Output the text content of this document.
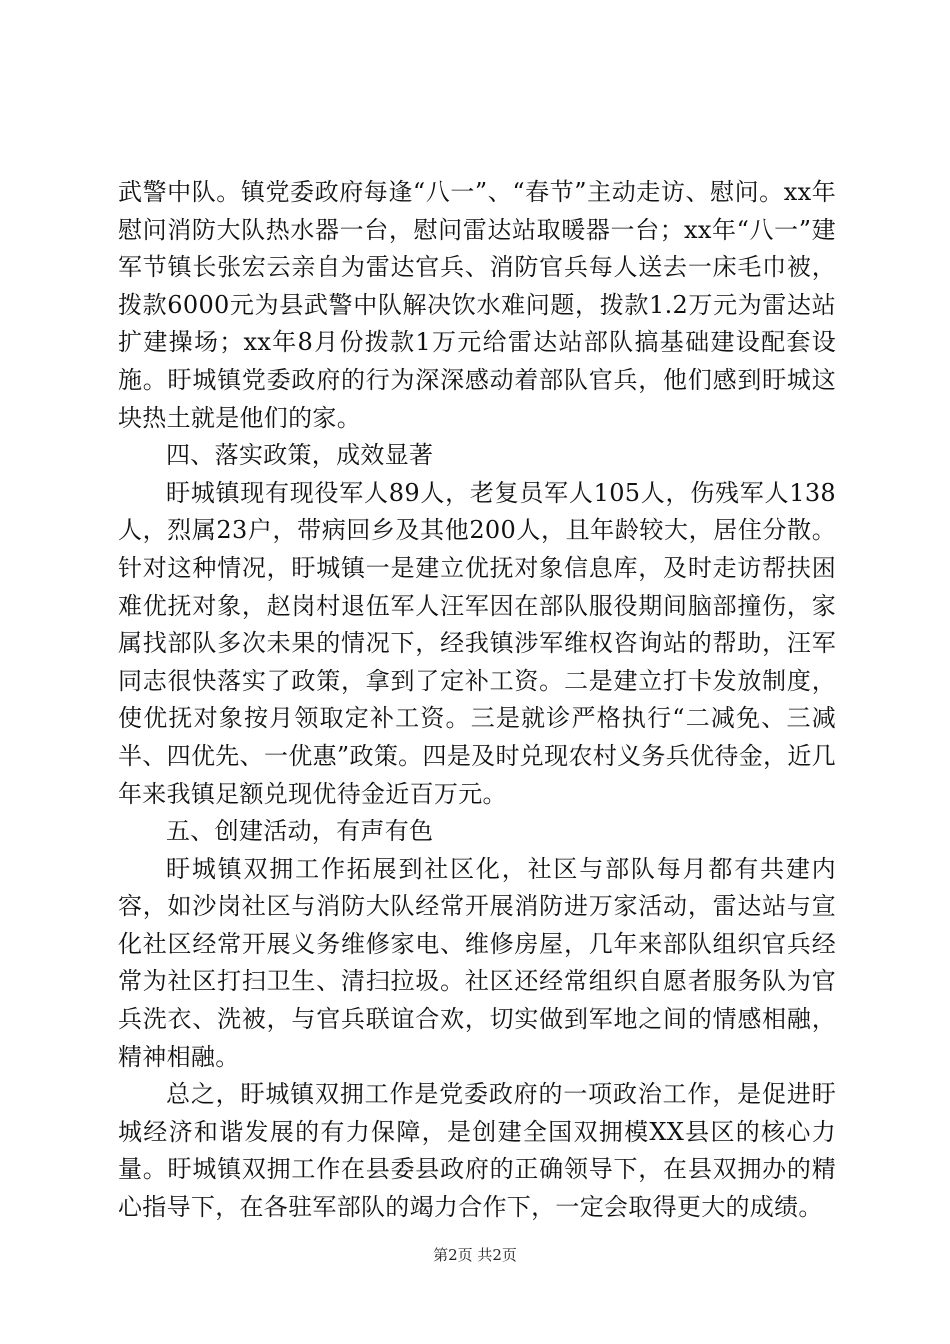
武警中队。镇党委政府每逢“八一”、“春节”主动走访、慰问。xx年慰问消防大队热水器一台，慰问雷达站取暖器一台；xx年“八一”建军节镇长张宏云亲自为雷达官兵、消防官兵每人送去一床毛巾被，拨款6000元为县武警中队解决饮水难问题，拨款1.2万元为雷达站扩建操场；xx年8月份拨款1万元给雷达站部队搞基础建设配套设施。盱城镇党委政府的行为深深感动着部队官兵，他们感到盱城这块热土就是他们的家。

四、落实政策，成效显著

盱城镇现有现役军人89人，老复员军人105人，伤残军人138人，烈属23户，带病回乡及其他200人，且年龄较大，居住分散。针对这种情况，盱城镇一是建立优抚对象信息库，及时走访帮扶困难优抚对象，赵岗村退伍军人汪军因在部队服役期间脑部撞伤，家属找部队多次未果的情况下，经我镇涉军维权咨询站的帮助，汪军同志很快落实了政策，拿到了定补工资。二是建立打卡发放制度，使优抚对象按月领取定补工资。三是就诊严格执行“二减免、三减半、四优先、一优惠”政策。四是及时兑现农村义务兵优待金，近几年来我镇足额兑现优待金近百万元。

五、创建活动，有声有色

盱城镇双拥工作拓展到社区化，社区与部队每月都有共建内容，如沙岗社区与消防大队经常开展消防进万家活动，雷达站与宣化社区经常开展义务维修家电、维修房屋，几年来部队组织官兵经常为社区打扫卫生、清扫拉圾。社区还经常组织自愿者服务队为官兵洗衣、洗被，与官兵联谊合欢，切实做到军地之间的情感相融，精神相融。

总之，盱城镇双拥工作是党委政府的一项政治工作，是促进盱城经济和谐发展的有力保障，是创建全国双拥模XX县区的核心力量。盱城镇双拥工作在县委县政府的正确领导下，在县双拥办的精心指导下，在各驻军部队的竭力合作下，一定会取得更大的成绩。

第2页 共2页
